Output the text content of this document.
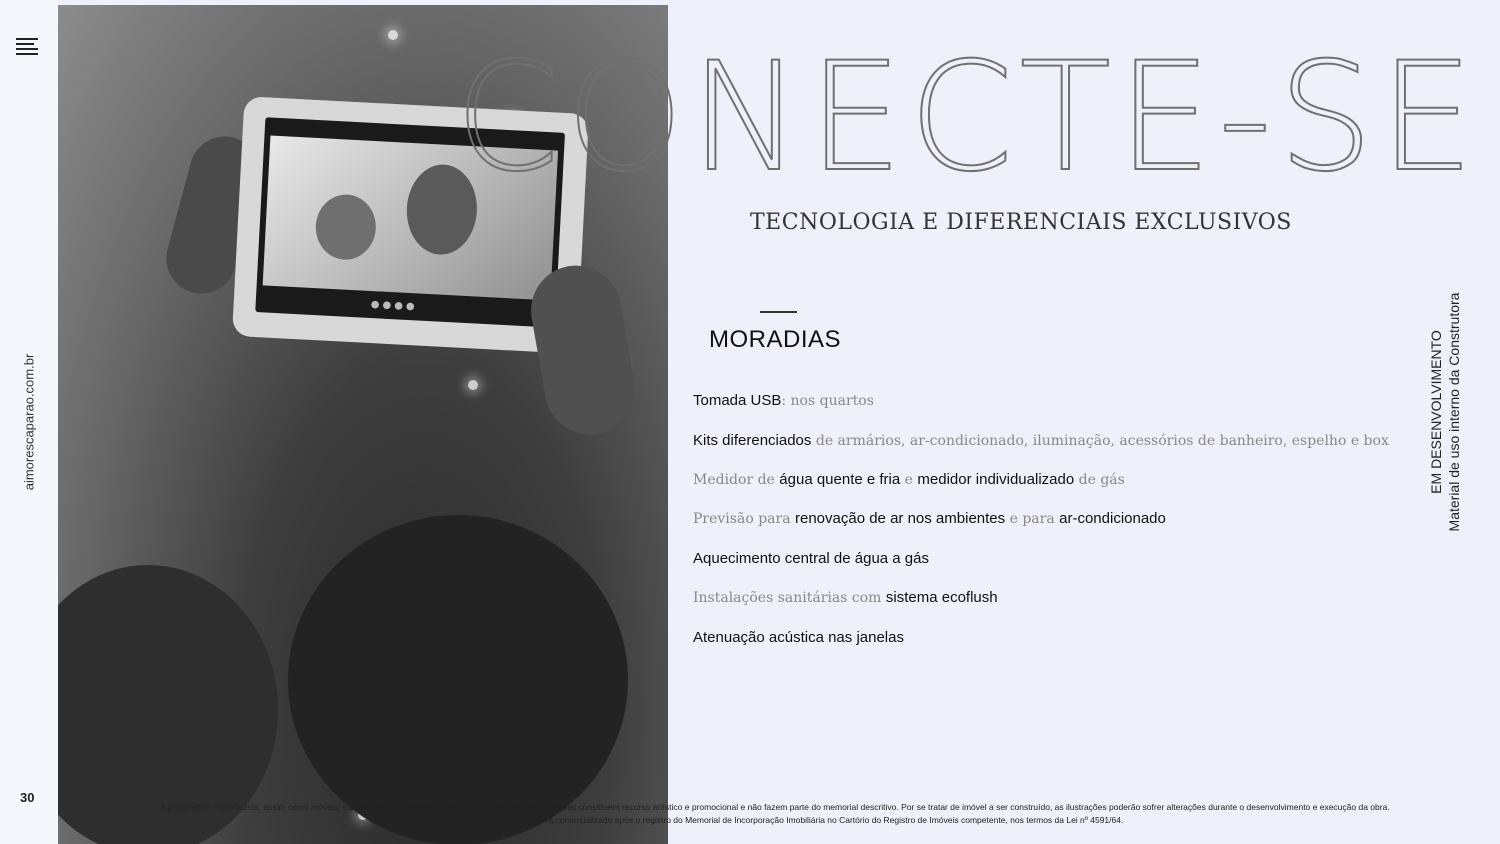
aimorescaparao.com.br
30
●●●●
CONECTE-SE
TECNOLOGIA E DIFERENCIAIS EXCLUSIVOS
MORADIAS
Tomada USB: nos quartos
Kits diferenciados de armários, ar-condicionado, iluminação, acessórios de banheiro, espelho e box
Medidor de água quente e fria e medidor individualizado de gás
Previsão para renovação de ar nos ambientes e para ar-condicionado
Aquecimento central de água a gás
Instalações sanitárias com sistema ecoflush
Atenuação acústica nas janelas
EM DESENVOLVIMENTO Material de uso interno da Construtora
A perspectiva reproduzida, assim como móveis, equipamentos e objetos de decoração exibidos neste material constituem recurso artístico e promocional e não fazem parte do memorial descritivo. Por se tratar de imóvel a ser construído, as ilustrações poderão sofrer alterações durante o desenvolvimento e execução da obra.
O empreendimento somente será comercializado após o registro do Memorial de Incorporação Imobiliária no Cartório do Registro de Imóveis competente, nos termos da Lei nº 4591/64.
